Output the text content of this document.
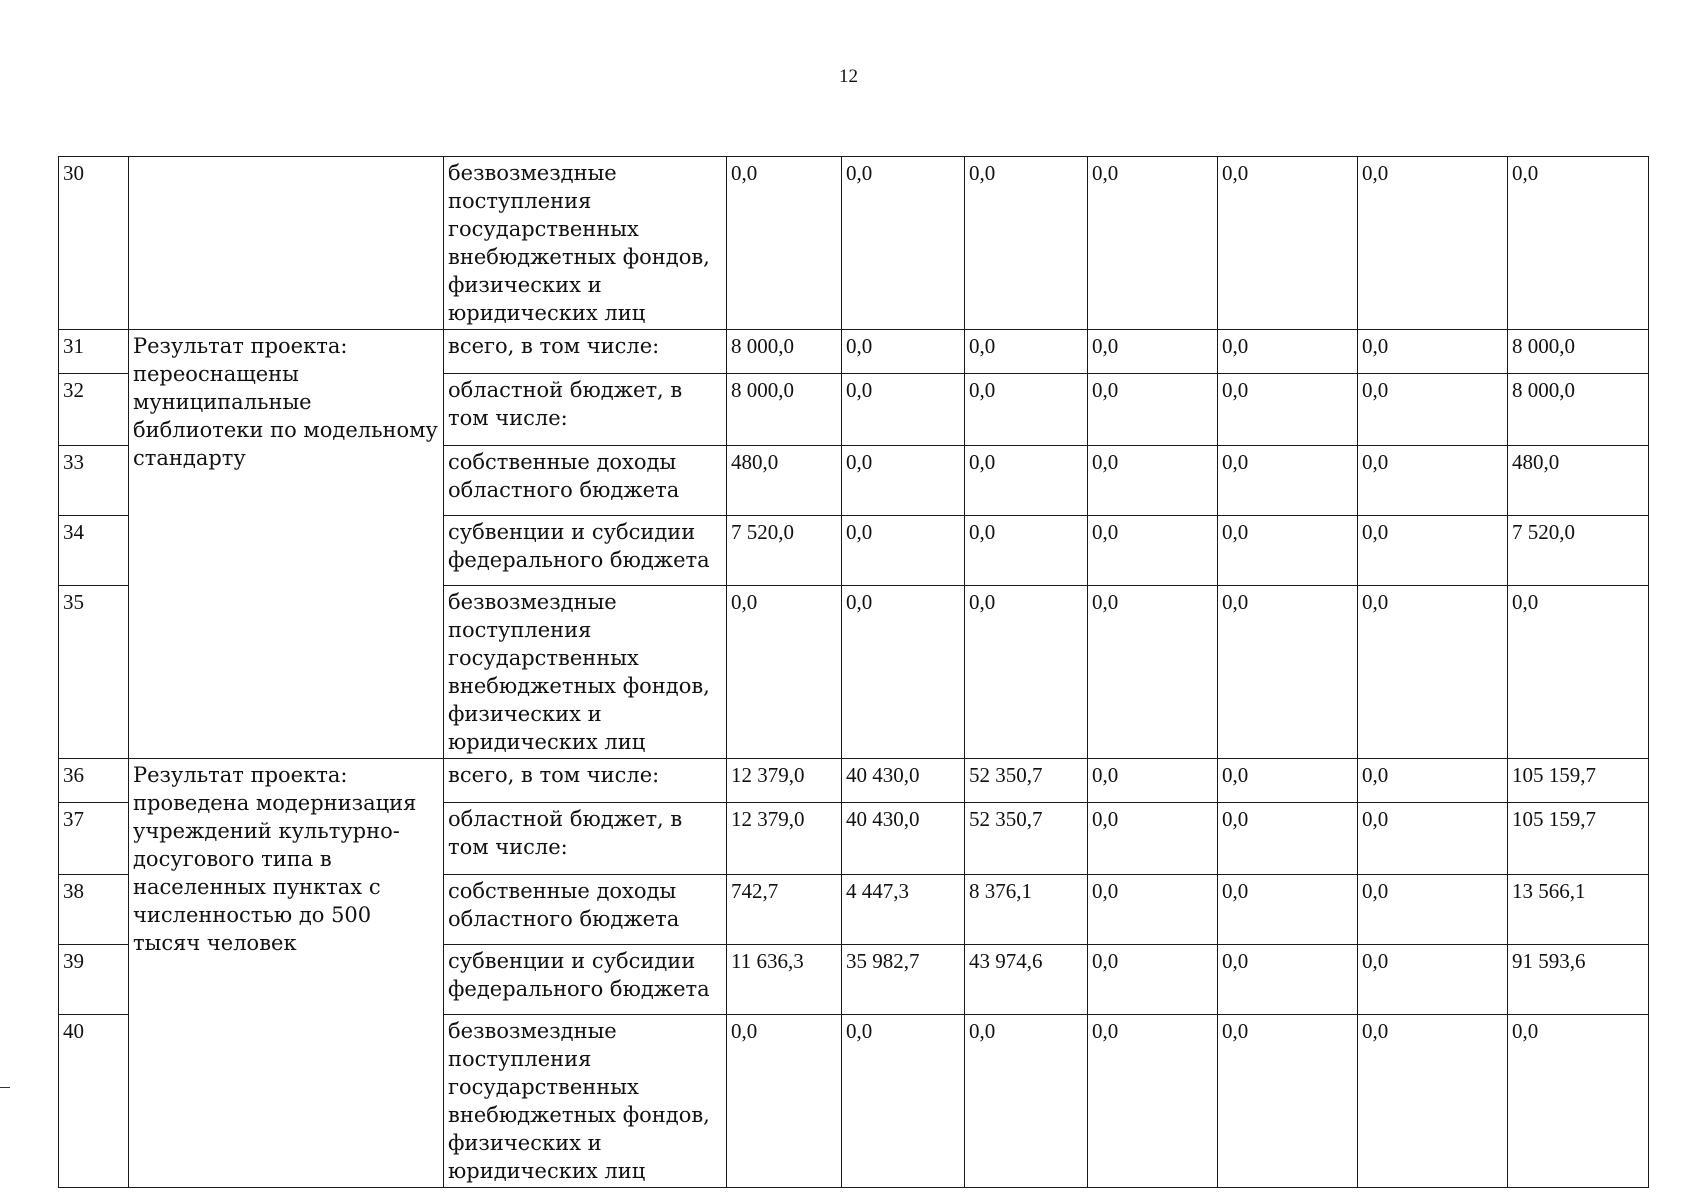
12
30		безвозмездные поступления государственных внебюджетных фондов, физических и юридических лиц	0,0	0,0	0,0	0,0	0,0	0,0	0,0
31	Результат проекта: переоснащены муниципальные библиотеки по модельному стандарту	всего, в том числе:	8 000,0	0,0	0,0	0,0	0,0	0,0	8 000,0
32		областной бюджет, в том числе:	8 000,0	0,0	0,0	0,0	0,0	0,0	8 000,0
33		собственные доходы областного бюджета	480,0	0,0	0,0	0,0	0,0	0,0	480,0
34		субвенции и субсидии федерального бюджета	7 520,0	0,0	0,0	0,0	0,0	0,0	7 520,0
35		безвозмездные поступления государственных внебюджетных фондов, физических и юридических лиц	0,0	0,0	0,0	0,0	0,0	0,0	0,0
36	Результат проекта: проведена модернизация учреждений культурно-досугового типа в населенных пунктах с численностью до 500 тысяч человек	всего, в том числе:	12 379,0	40 430,0	52 350,7	0,0	0,0	0,0	105 159,7
37		областной бюджет, в том числе:	12 379,0	40 430,0	52 350,7	0,0	0,0	0,0	105 159,7
38		собственные доходы областного бюджета	742,7	4 447,3	8 376,1	0,0	0,0	0,0	13 566,1
39		субвенции и субсидии федерального бюджета	11 636,3	35 982,7	43 974,6	0,0	0,0	0,0	91 593,6
40		безвозмездные поступления государственных внебюджетных фондов, физических и юридических лиц	0,0	0,0	0,0	0,0	0,0	0,0	0,0
